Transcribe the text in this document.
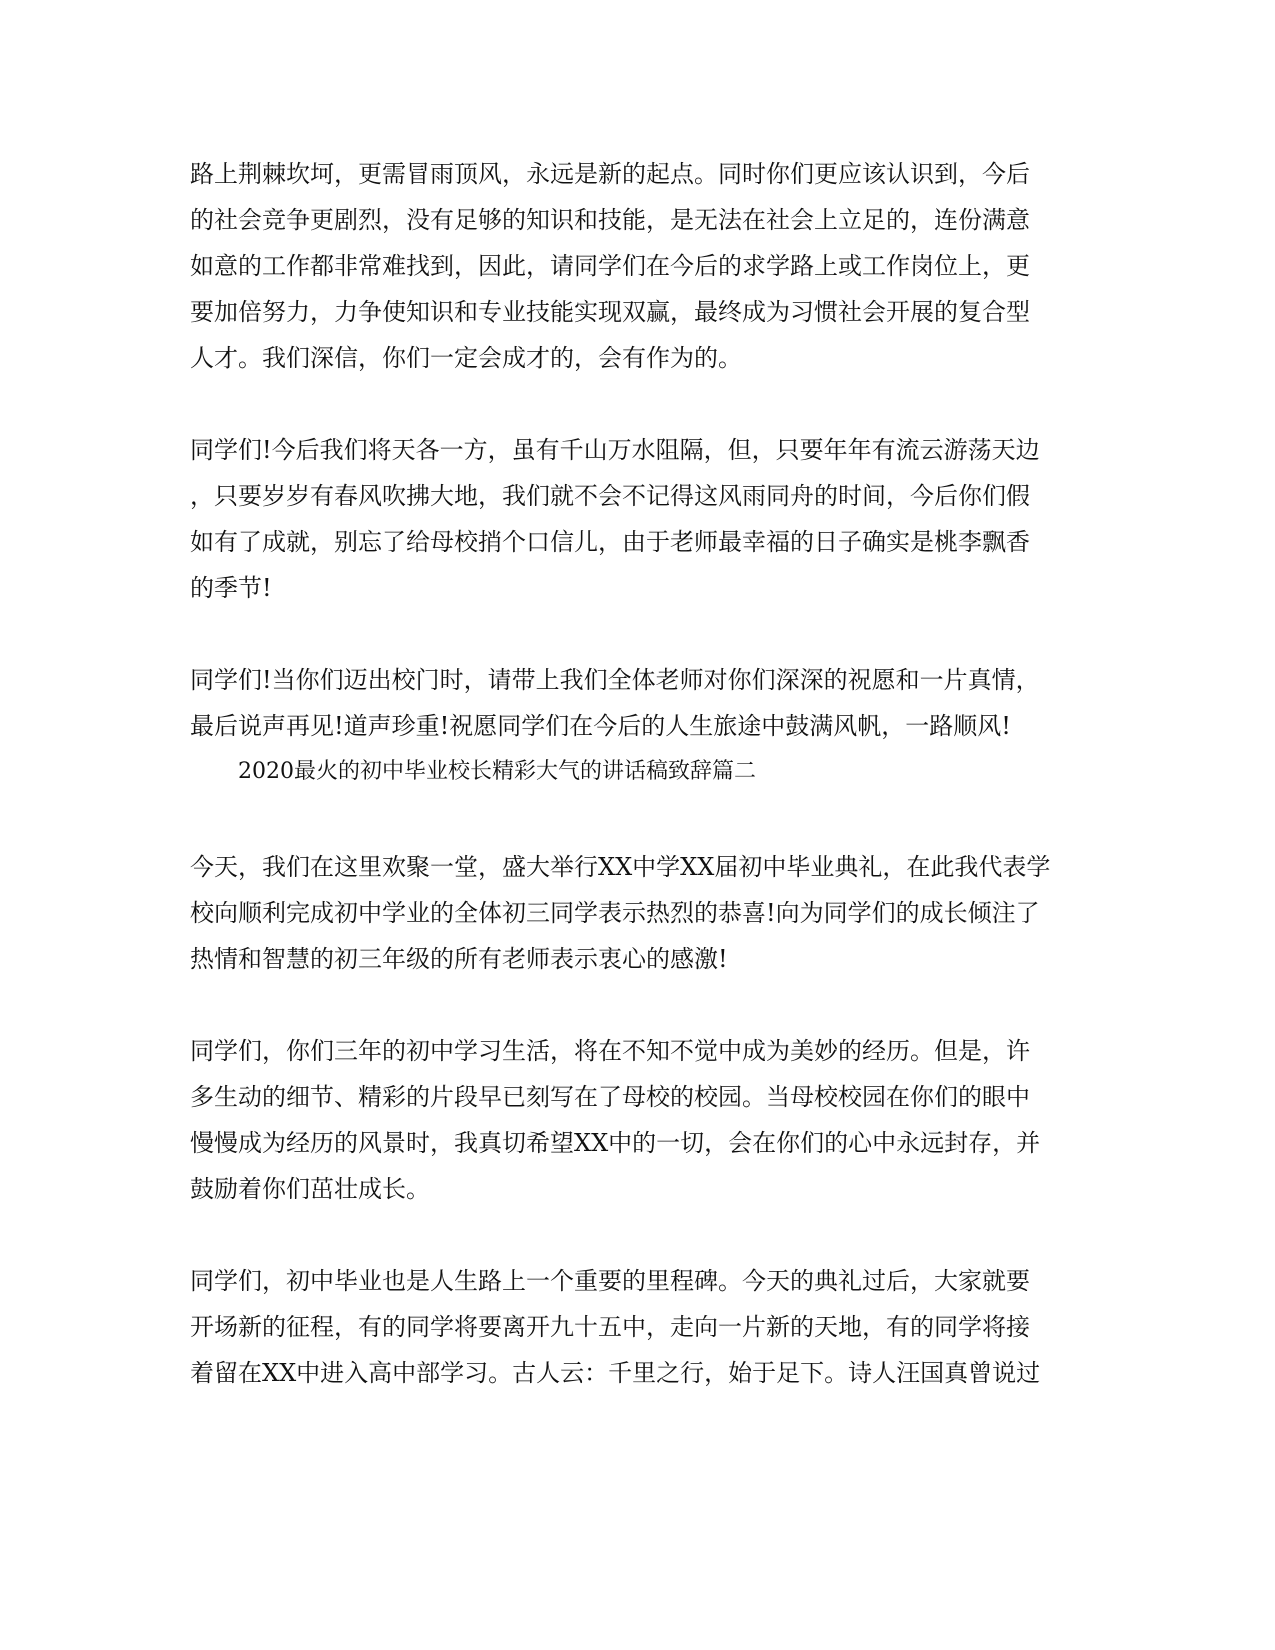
路上荆棘坎坷，更需冒雨顶风，永远是新的起点。同时你们更应该认识到，今后
的社会竞争更剧烈，没有足够的知识和技能，是无法在社会上立足的，连份满意
如意的工作都非常难找到，因此，请同学们在今后的求学路上或工作岗位上，更
要加倍努力，力争使知识和专业技能实现双赢，最终成为习惯社会开展的复合型
人才。我们深信，你们一定会成才的，会有作为的。
同学们!今后我们将天各一方，虽有千山万水阻隔，但，只要年年有流云游荡天边
，只要岁岁有春风吹拂大地，我们就不会不记得这风雨同舟的时间，今后你们假
如有了成就，别忘了给母校捎个口信儿，由于老师最幸福的日子确实是桃李飘香
的季节!
同学们!当你们迈出校门时，请带上我们全体老师对你们深深的祝愿和一片真情，
最后说声再见!道声珍重!祝愿同学们在今后的人生旅途中鼓满风帆，一路顺风!
2020最火的初中毕业校长精彩大气的讲话稿致辞篇二
今天，我们在这里欢聚一堂，盛大举行XX中学XX届初中毕业典礼，在此我代表学
校向顺利完成初中学业的全体初三同学表示热烈的恭喜!向为同学们的成长倾注了
热情和智慧的初三年级的所有老师表示衷心的感激!
同学们，你们三年的初中学习生活，将在不知不觉中成为美妙的经历。但是，许
多生动的细节、精彩的片段早已刻写在了母校的校园。当母校校园在你们的眼中
慢慢成为经历的风景时，我真切希望XX中的一切，会在你们的心中永远封存，并
鼓励着你们茁壮成长。
同学们，初中毕业也是人生路上一个重要的里程碑。今天的典礼过后，大家就要
开场新的征程，有的同学将要离开九十五中，走向一片新的天地，有的同学将接
着留在XX中进入高中部学习。古人云：千里之行，始于足下。诗人汪国真曾说过
